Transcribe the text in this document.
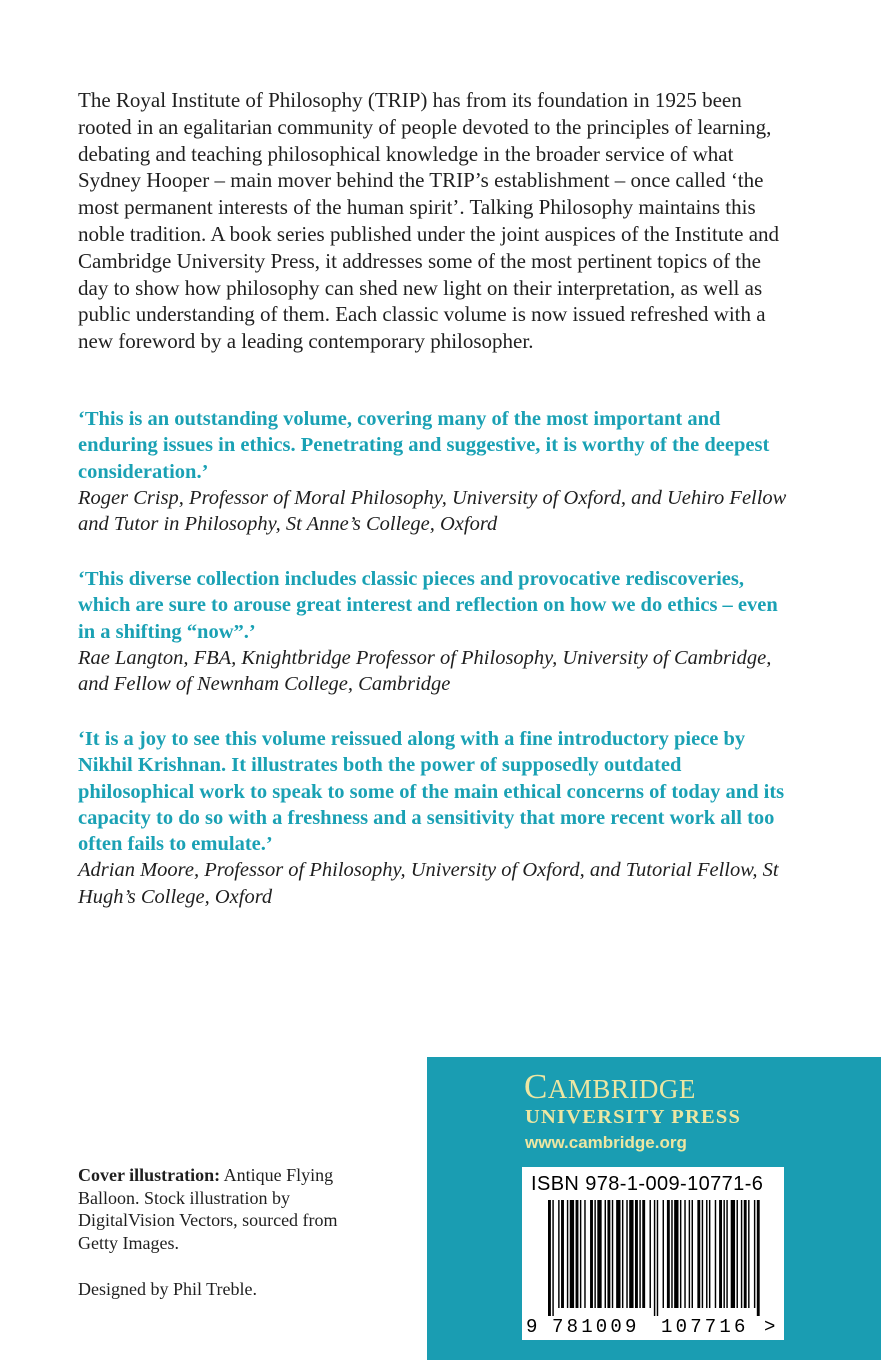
The Royal Institute of Philosophy (TRIP) has from its foundation in 1925 been rooted in an egalitarian community of people devoted to the principles of learning, debating and teaching philosophical knowledge in the broader service of what Sydney Hooper – main mover behind the TRIP’s establishment – once called ‘the most permanent interests of the human spirit’. Talking Philosophy maintains this noble tradition. A book series published under the joint auspices of the Institute and Cambridge University Press, it addresses some of the most pertinent topics of the day to show how philosophy can shed new light on their interpretation, as well as public understanding of them. Each classic volume is now issued refreshed with a new foreword by a leading contemporary philosopher.

‘This is an outstanding volume, covering many of the most important and enduring issues in ethics. Penetrating and suggestive, it is worthy of the deepest consideration.’

Roger Crisp, Professor of Moral Philosophy, University of Oxford, and Uehiro Fellow and Tutor in Philosophy, St Anne’s College, Oxford

‘This diverse collection includes classic pieces and provocative rediscoveries, which are sure to arouse great interest and reflection on how we do ethics – even in a shifting “now”.’

Rae Langton, FBA, Knightbridge Professor of Philosophy, University of Cambridge, and Fellow of Newnham College, Cambridge

‘It is a joy to see this volume reissued along with a fine introductory piece by Nikhil Krishnan. It illustrates both the power of supposedly outdated philosophical work to speak to some of the main ethical concerns of today and its capacity to do so with a freshness and a sensitivity that more recent work all too often fails to emulate.’

Adrian Moore, Professor of Philosophy, University of Oxford, and Tutorial Fellow, St Hugh’s College, Oxford

Cover illustration: Antique Flying Balloon. Stock illustration by DigitalVision Vectors, sourced from Getty Images.

Designed by Phil Treble.

CAMBRIDGE

UNIVERSITY PRESS

www.cambridge.org

ISBN 978-1-009-10771-6

9 781009 107716 >
